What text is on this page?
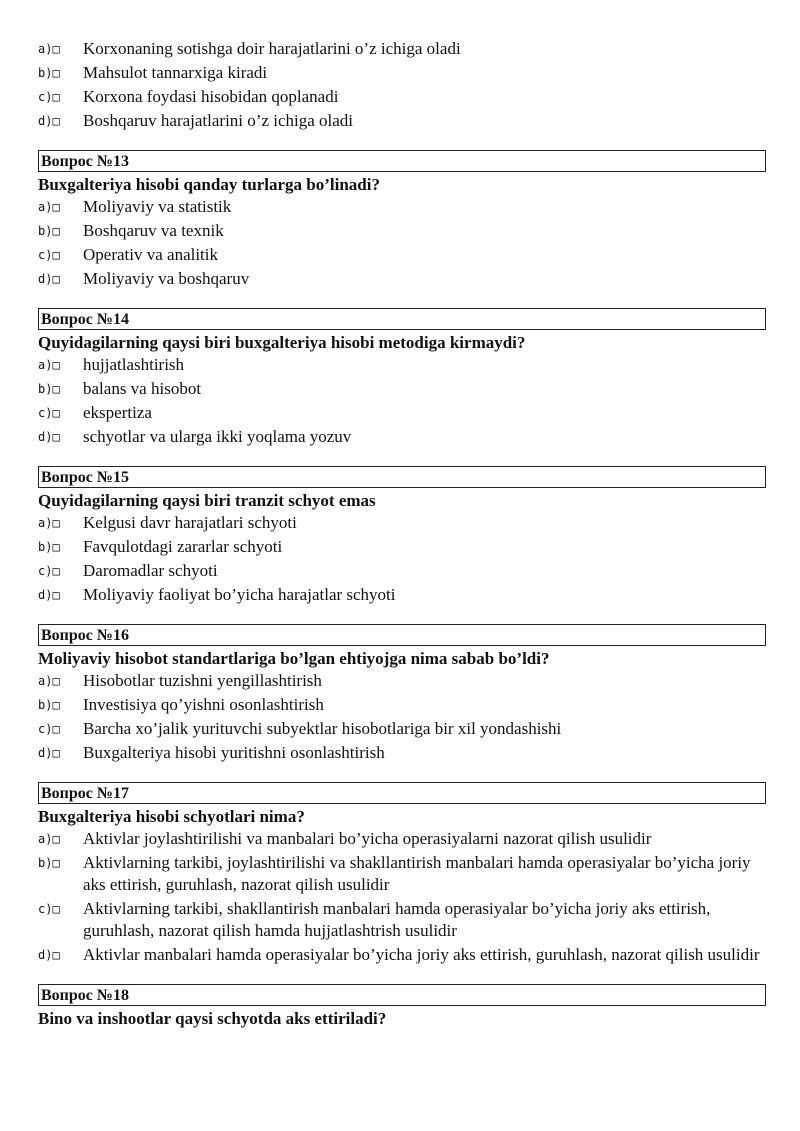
a)□	Korxonaning sotishga doir harajatlarini o’z ichiga oladi
b)□	Mahsulot tannarxiga kiradi
c)□	Korxona foydasi hisobidan qoplanadi
d)□	Boshqaruv harajatlarini o’z ichiga oladi
Вопрос №13
Buxgalteriya hisobi qanday turlarga bo’linadi?
a)□	Moliyaviy va statistik
b)□	Boshqaruv va texnik
c)□	Operativ va analitik
d)□	Moliyaviy va boshqaruv
Вопрос №14
Quyidagilarning qaysi biri buxgalteriya hisobi metodiga kirmaydi?
a)□	hujjatlashtirish
b)□	balans va hisobot
c)□	ekspertiza
d)□	schyotlar va ularga ikki yoqlama yozuv
Вопрос №15
Quyidagilarning qaysi biri tranzit schyot emas
a)□	Kelgusi davr harajatlari schyoti
b)□	Favqulotdagi zararlar schyoti
c)□	Daromadlar schyoti
d)□	Moliyaviy faoliyat bo’yicha harajatlar schyoti
Вопрос №16
Moliyaviy hisobot standartlariga bo’lgan ehtiyojga nima sabab bo’ldi?
a)□	Hisobotlar tuzishni yengillashtirish
b)□	Investisiya qo’yishni osonlashtirish
c)□	Barcha xo’jalik yurituvchi subyektlar hisobotlariga bir xil yondashishi
d)□	Buxgalteriya hisobi yuritishni osonlashtirish
Вопрос №17
Buxgalteriya hisobi schyotlari nima?
a)□	Aktivlar joylashtirilishi va manbalari bo’yicha operasiyalarni nazorat qilish usulidir
b)□	Aktivlarning tarkibi, joylashtirilishi va shakllantirish manbalari hamda operasiyalar bo’yicha joriy aks ettirish, guruhlash, nazorat qilish usulidir
c)□	Aktivlarning tarkibi, shakllantirish manbalari hamda operasiyalar bo’yicha joriy aks ettirish, guruhlash, nazorat qilish hamda hujjatlashtrish usulidir
d)□	Aktivlar manbalari hamda operasiyalar bo’yicha joriy aks ettirish, guruhlash, nazorat qilish usulidir
Вопрос №18
Bino va inshootlar qaysi schyotda aks ettiriladi?
